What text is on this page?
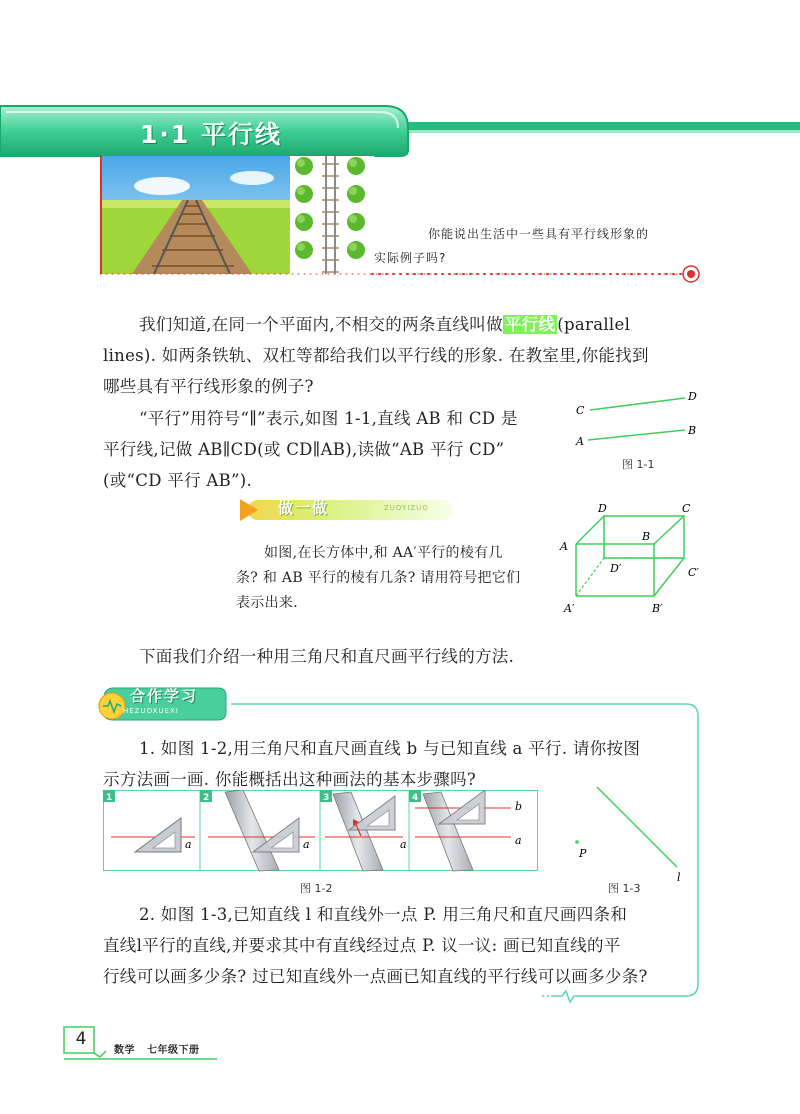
1·1 平行线
你能说出生活中一些具有平行线形象的
实际例子吗?
我们知道,在同一个平面内,不相交的两条直线叫做 平行线 (parallel
lines). 如两条铁轨、双杠等都给我们以平行线的形象. 在教室里,你能找到
哪些具有平行线形象的例子?
“平行”用符号“∥”表示,如图 1-1,直线 AB 和 CD 是
平行线,记做 AB∥CD(或 CD∥AB),读做“AB 平行 CD”
(或“CD 平行 AB”).
C
D
A
B
图 1-1
做一做	ZUOYIZUO
如图,在长方体中,和 AA′平行的棱有几
条? 和 AB 平行的棱有几条? 请用符号把它们
表示出来.
D	C
A
B
D′	C′
A′	B′
下面我们介绍一种用三角尺和直尺画平行线的方法.
合作学习
HEZUOXUEXI
1. 如图 1-2,用三角尺和直尺画直线 b 与已知直线 a 平行. 请你按图
示方法画一画. 你能概括出这种画法的基本步骤吗?
1
a
2
a
3
a
4
b
a
图 1-2
P
l
图 1-3
2. 如图 1-3,已知直线 l 和直线外一点 P. 用三角尺和直尺画四条和
直线l平行的直线,并要求其中有直线经过点 P. 议一议: 画已知直线的平
行线可以画多少条? 过已知直线外一点画已知直线的平行线可以画多少条?
4
数学 七年级下册
